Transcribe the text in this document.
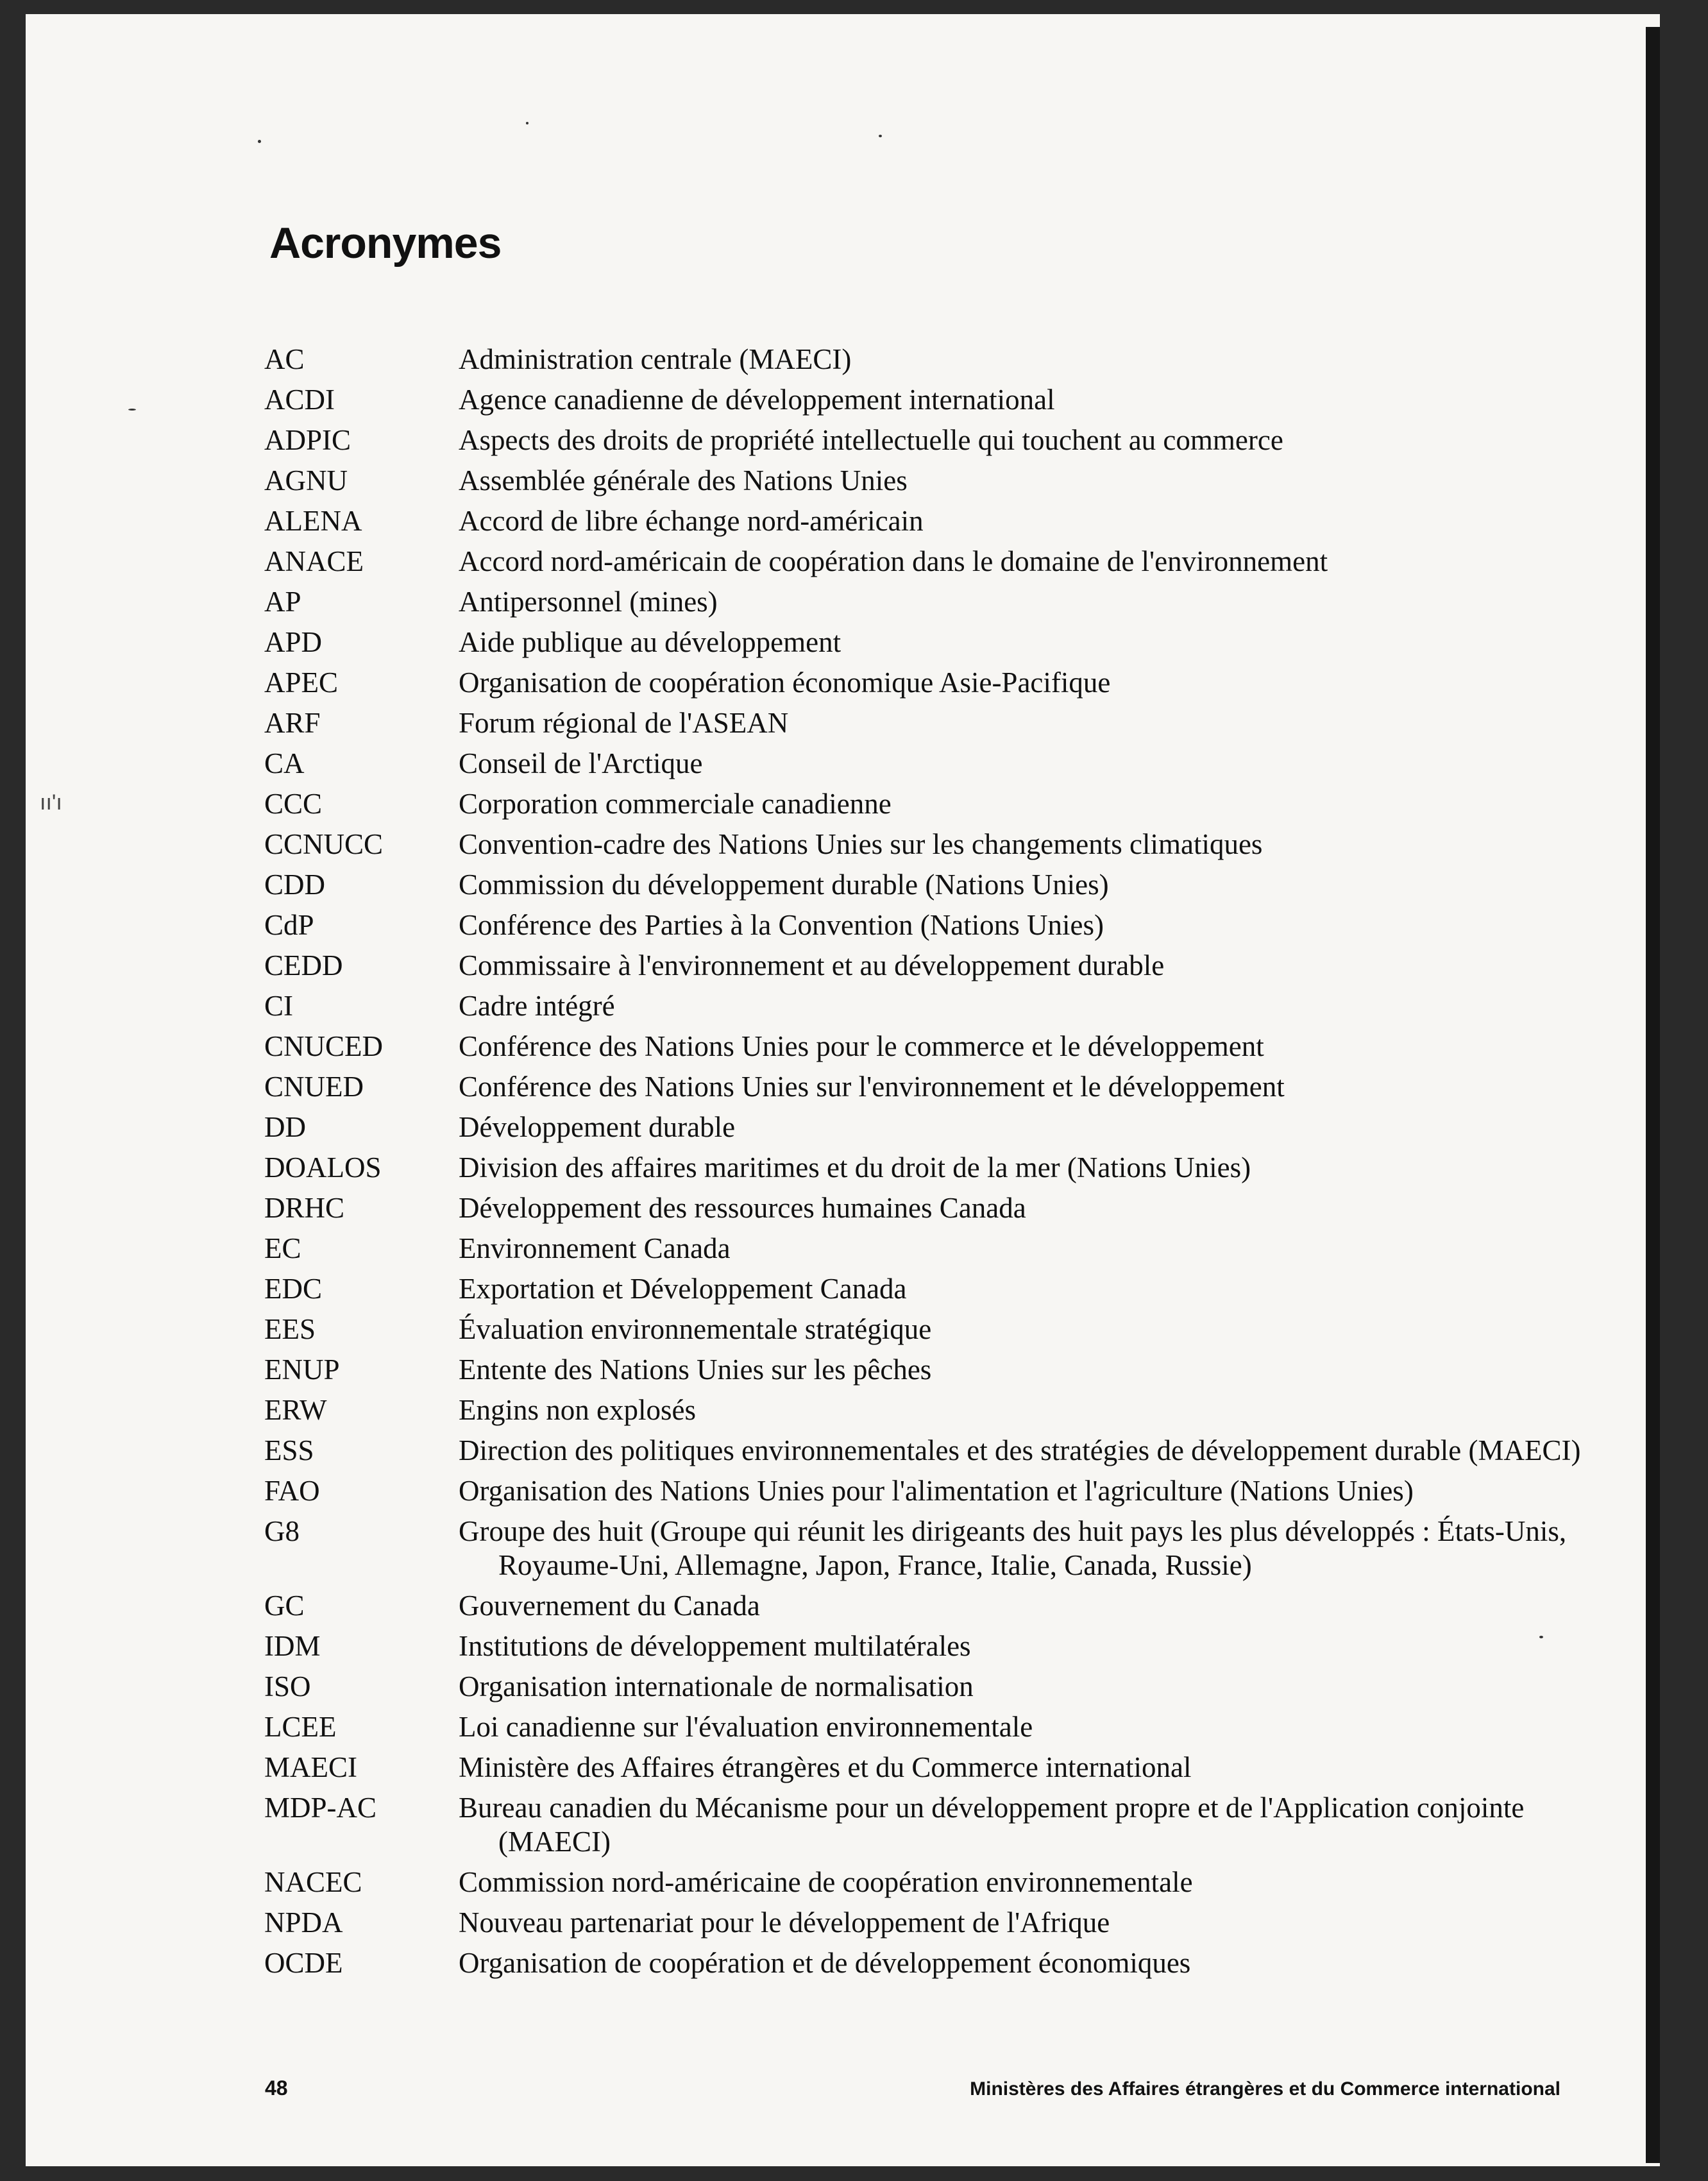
ıı'ı
Acronymes
AC	Administration centrale (MAECI)
ACDI	Agence canadienne de développement international
ADPIC	Aspects des droits de propriété intellectuelle qui touchent au commerce
AGNU	Assemblée générale des Nations Unies
ALENA	Accord de libre échange nord-américain
ANACE	Accord nord-américain de coopération dans le domaine de l'environnement
AP	Antipersonnel (mines)
APD	Aide publique au développement
APEC	Organisation de coopération économique Asie-Pacifique
ARF	Forum régional de l'ASEAN
CA	Conseil de l'Arctique
CCC	Corporation commerciale canadienne
CCNUCC	Convention-cadre des Nations Unies sur les changements climatiques
CDD	Commission du développement durable (Nations Unies)
CdP	Conférence des Parties à la Convention (Nations Unies)
CEDD	Commissaire à l'environnement et au développement durable
CI	Cadre intégré
CNUCED	Conférence des Nations Unies pour le commerce et le développement
CNUED	Conférence des Nations Unies sur l'environnement et le développement
DD	Développement durable
DOALOS	Division des affaires maritimes et du droit de la mer (Nations Unies)
DRHC	Développement des ressources humaines Canada
EC	Environnement Canada
EDC	Exportation et Développement Canada
EES	Évaluation environnementale stratégique
ENUP	Entente des Nations Unies sur les pêches
ERW	Engins non explosés
ESS	Direction des politiques environnementales et des stratégies de développement durable (MAECI)
FAO	Organisation des Nations Unies pour l'alimentation et l'agriculture (Nations Unies)
G8	Groupe des huit (Groupe qui réunit les dirigeants des huit pays les plus développés : États-Unis, Royaume-Uni, Allemagne, Japon, France, Italie, Canada, Russie)
GC	Gouvernement du Canada
IDM	Institutions de développement multilatérales
ISO	Organisation internationale de normalisation
LCEE	Loi canadienne sur l'évaluation environnementale
MAECI	Ministère des Affaires étrangères et du Commerce international
MDP-AC	Bureau canadien du Mécanisme pour un développement propre et de l'Application conjointe (MAECI)
NACEC	Commission nord-américaine de coopération environnementale
NPDA	Nouveau partenariat pour le développement de l'Afrique
OCDE	Organisation de coopération et de développement économiques
48	Ministères des Affaires étrangères et du Commerce international
